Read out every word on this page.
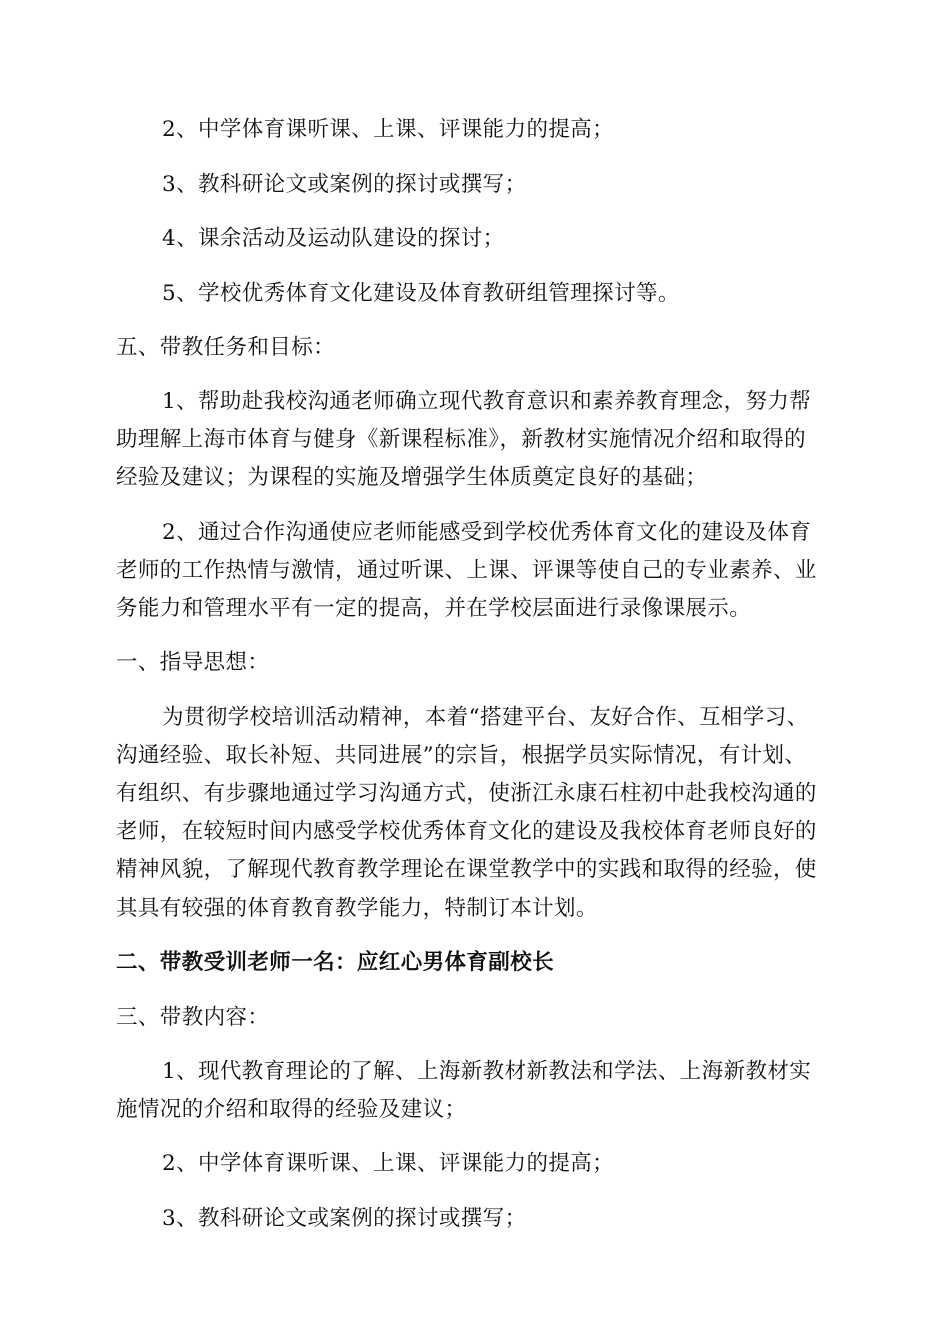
2、中学体育课听课、上课、评课能力的提高；
3、教科研论文或案例的探讨或撰写；
4、课余活动及运动队建设的探讨；
5、学校优秀体育文化建设及体育教研组管理探讨等。
五、带教任务和目标：
1、帮助赴我校沟通老师确立现代教育意识和素养教育理念，努力帮
助理解上海市体育与健身《新课程标准》，新教材实施情况介绍和取得的
经验及建议；为课程的实施及增强学生体质奠定良好的基础；
2、通过合作沟通使应老师能感受到学校优秀体育文化的建设及体育
老师的工作热情与激情，通过听课、上课、评课等使自己的专业素养、业
务能力和管理水平有一定的提高，并在学校层面进行录像课展示。
一、指导思想：
为贯彻学校培训活动精神，本着“搭建平台、友好合作、互相学习、
沟通经验、取长补短、共同进展”的宗旨，根据学员实际情况，有计划、
有组织、有步骤地通过学习沟通方式，使浙江永康石柱初中赴我校沟通的
老师，在较短时间内感受学校优秀体育文化的建设及我校体育老师良好的
精神风貌，了解现代教育教学理论在课堂教学中的实践和取得的经验，使
其具有较强的体育教育教学能力，特制订本计划。
二、带教受训老师一名：应红心男体育副校长
三、带教内容：
1、现代教育理论的了解、上海新教材新教法和学法、上海新教材实
施情况的介绍和取得的经验及建议；
2、中学体育课听课、上课、评课能力的提高；
3、教科研论文或案例的探讨或撰写；
